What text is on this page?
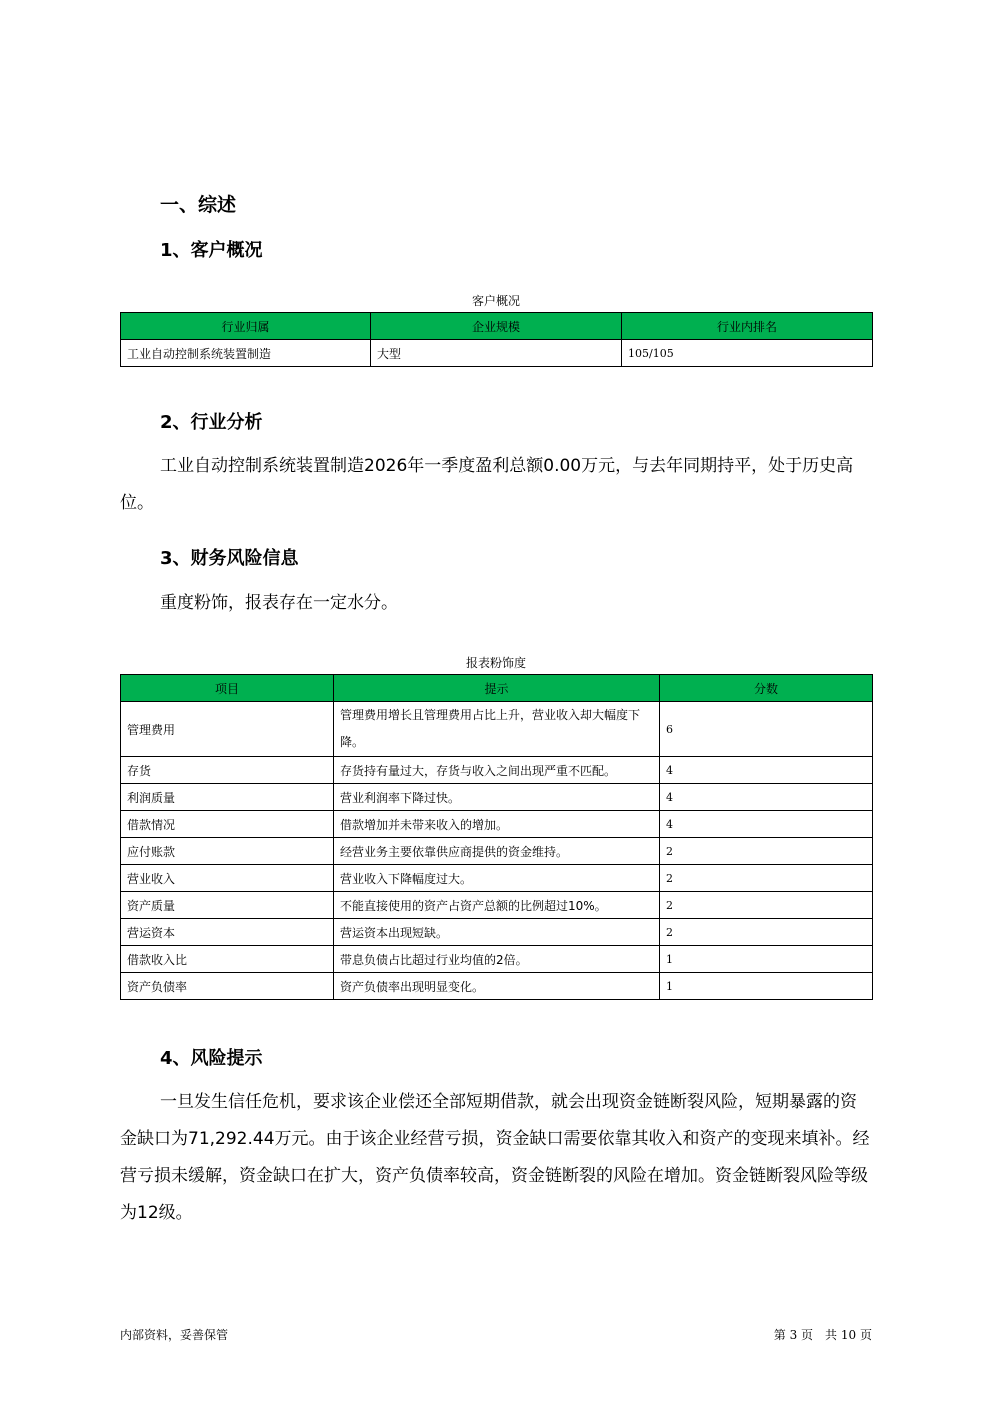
一、综述
1、客户概况
客户概况
行业归属	企业规模	行业内排名
工业自动控制系统装置制造	大型	105/105
2、行业分析
工业自动控制系统装置制造2026年一季度盈利总额0.00万元，与去年同期持平，处于历史高位。
3、财务风险信息
重度粉饰，报表存在一定水分。
报表粉饰度
项目	提示	分数
管理费用	管理费用增长且管理费用占比上升，营业收入却大幅度下降。	6
存货	存货持有量过大，存货与收入之间出现严重不匹配。	4
利润质量	营业利润率下降过快。	4
借款情况	借款增加并未带来收入的增加。	4
应付账款	经营业务主要依靠供应商提供的资金维持。	2
营业收入	营业收入下降幅度过大。	2
资产质量	不能直接使用的资产占资产总额的比例超过10%。	2
营运资本	营运资本出现短缺。	2
借款收入比	带息负债占比超过行业均值的2倍。	1
资产负债率	资产负债率出现明显变化。	1
4、风险提示
一旦发生信任危机，要求该企业偿还全部短期借款，就会出现资金链断裂风险，短期暴露的资金缺口为71,292.44万元。由于该企业经营亏损，资金缺口需要依靠其收入和资产的变现来填补。经营亏损未缓解，资金缺口在扩大，资产负债率较高，资金链断裂的风险在增加。资金链断裂风险等级为12级。
内部资料，妥善保管	第 3 页　共 10 页
